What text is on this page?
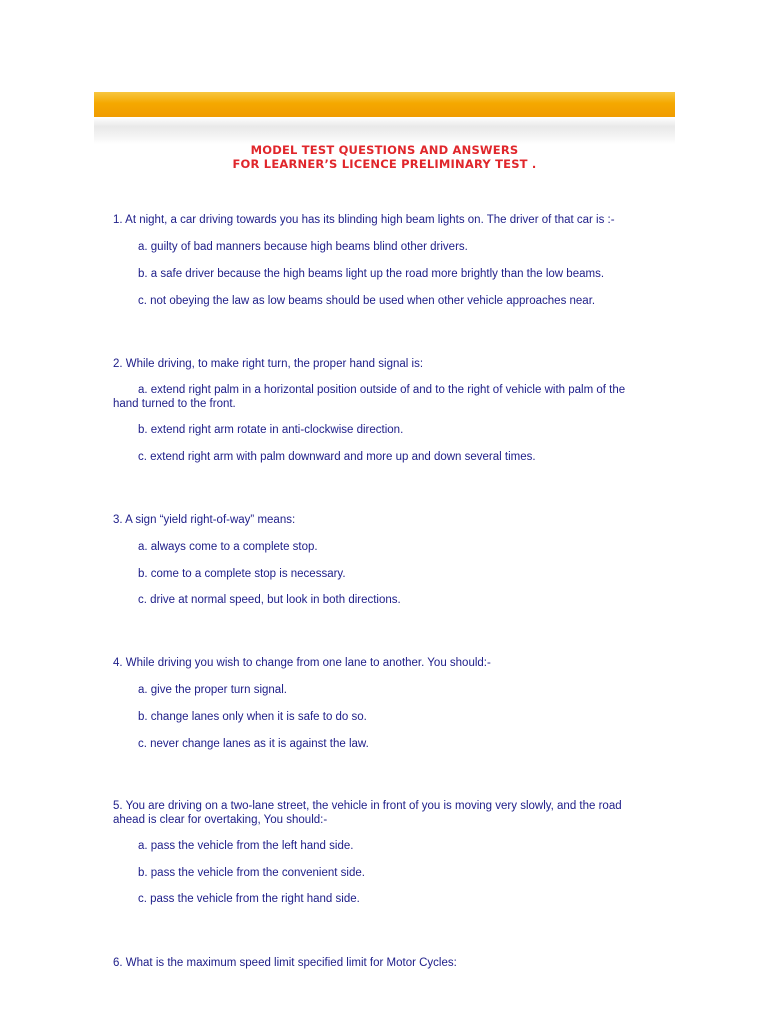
MODEL TEST QUESTIONS AND ANSWERS
FOR LEARNER’S LICENCE PRELIMINARY TEST .
1. At night, a car driving towards you has its blinding high beam lights on. The driver of that car is :-
a. guilty of bad manners because high beams blind other drivers.
b. a safe driver because the high beams light up the road more brightly than the low beams.
c. not obeying the law as low beams should be used when other vehicle approaches near.
2. While driving, to make right turn, the proper hand signal is:
a. extend right palm in a horizontal position outside of and to the right of vehicle with palm of the hand turned to the front.
b. extend right arm rotate in anti-clockwise direction.
c. extend right arm with palm downward and more up and down several times.
3. A sign “yield right-of-way” means:
a. always come to a complete stop.
b. come to a complete stop is necessary.
c. drive at normal speed, but look in both directions.
4. While driving you wish to change from one lane to another. You should:-
a. give the proper turn signal.
b. change lanes only when it is safe to do so.
c. never change lanes as it is against the law.
5. You are driving on a two-lane street, the vehicle in front of you is moving very slowly, and the road ahead is clear for overtaking, You should:-
a. pass the vehicle from the left hand side.
b. pass the vehicle from the convenient side.
c. pass the vehicle from the right hand side.
6. What is the maximum speed limit specified limit for Motor Cycles:
